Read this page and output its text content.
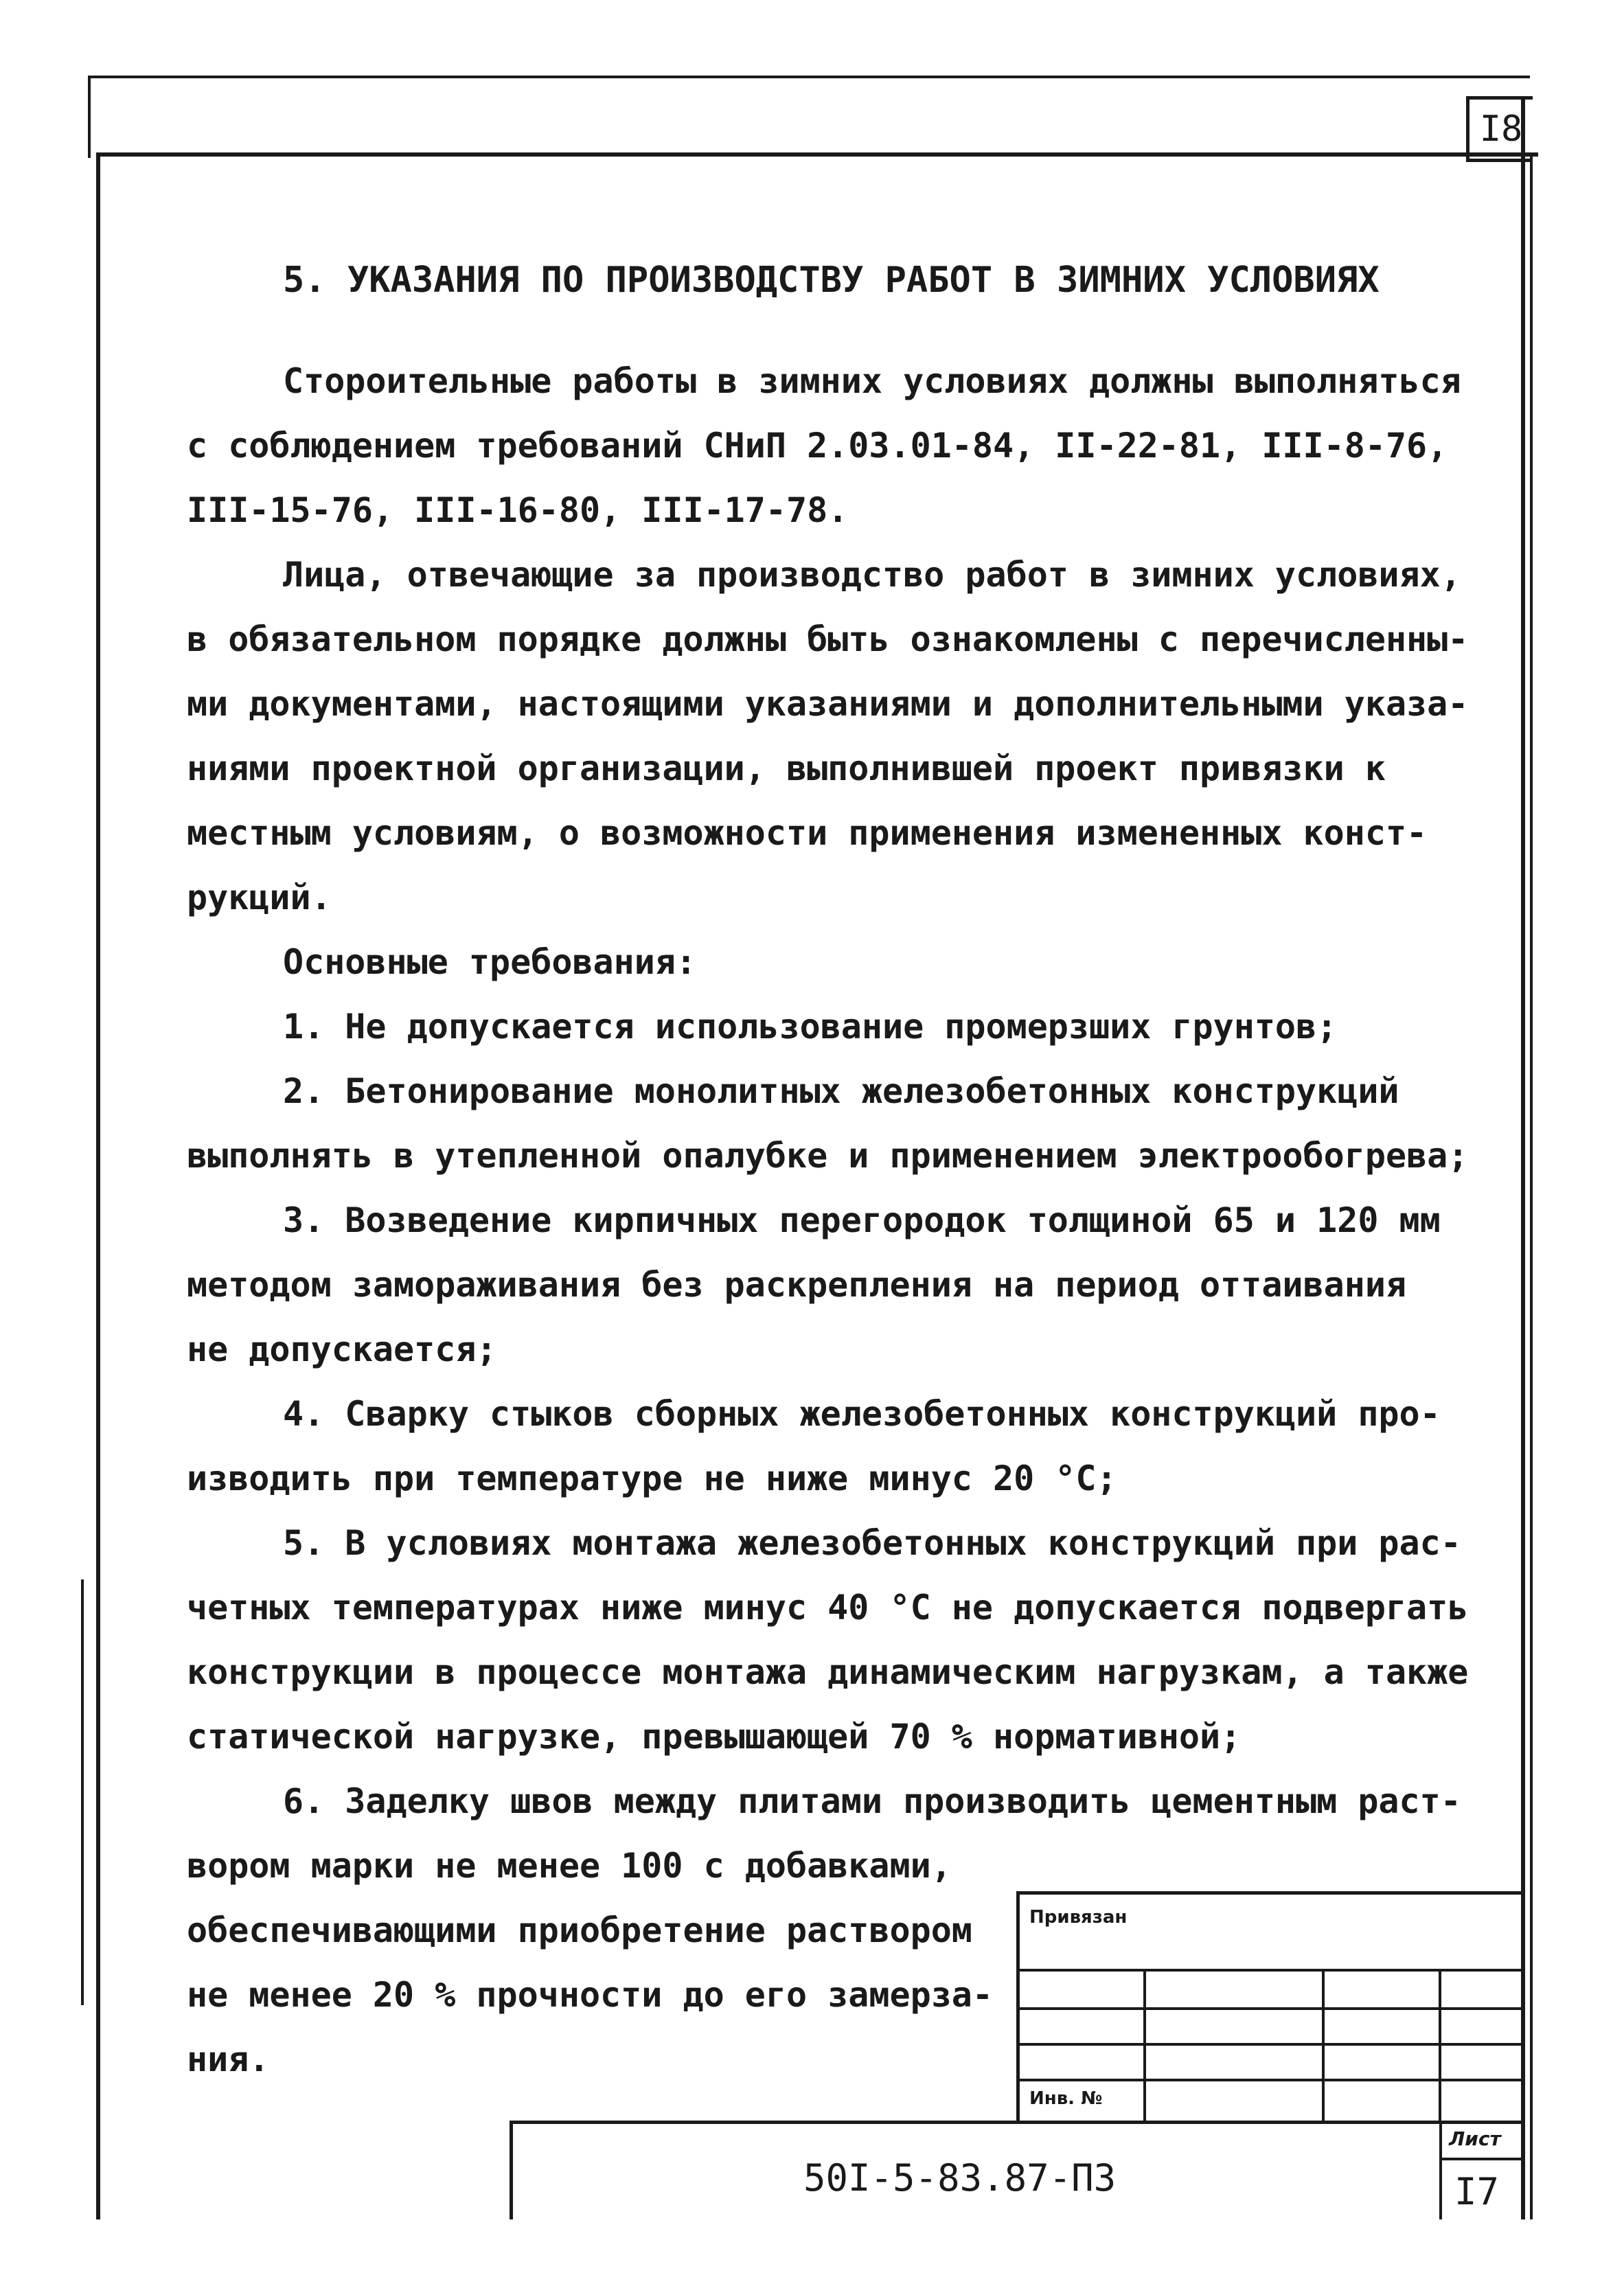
I8
5. УКАЗАНИЯ ПО ПРОИЗВОДСТВУ РАБОТ В ЗИМНИХ УСЛОВИЯХ
Стороительные работы в зимних условиях должны выполняться
с соблюдением требований СНиП 2.03.01-84, II-22-81, III-8-76,
III-15-76, III-16-80, III-17-78.
Лица, отвечающие за производство работ в зимних условиях,
в обязательном порядке должны быть ознакомлены с перечисленны-
ми документами, настоящими указаниями и дополнительными указа-
ниями проектной организации, выполнившей проект привязки к
местным условиям, о возможности применения измененных конст-
рукций.
Основные требования:
1. Не допускается использование промерзших грунтов;
2. Бетонирование монолитных железобетонных конструкций
выполнять в утепленной опалубке и применением электрообогрева;
3. Возведение кирпичных перегородок толщиной 65 и 120 мм
методом замораживания без раскрепления на период оттаивания
не допускается;
4. Сварку стыков сборных железобетонных конструкций про-
изводить при температуре не ниже минус 20 °С;
5. В условиях монтажа железобетонных конструкций при рас-
четных температурах ниже минус 40 °С не допускается подвергать
конструкции в процессе монтажа динамическим нагрузкам, а также
статической нагрузке, превышающей 70 % нормативной;
6. Заделку швов между плитами производить цементным раст-
вором марки не менее 100 с добавками,
обеспечивающими приобретение раствором
не менее 20 % прочности до его замерза-
ния.
Привязан
Инв. №
50I-5-83.87-ПЗ
Лист
I7
